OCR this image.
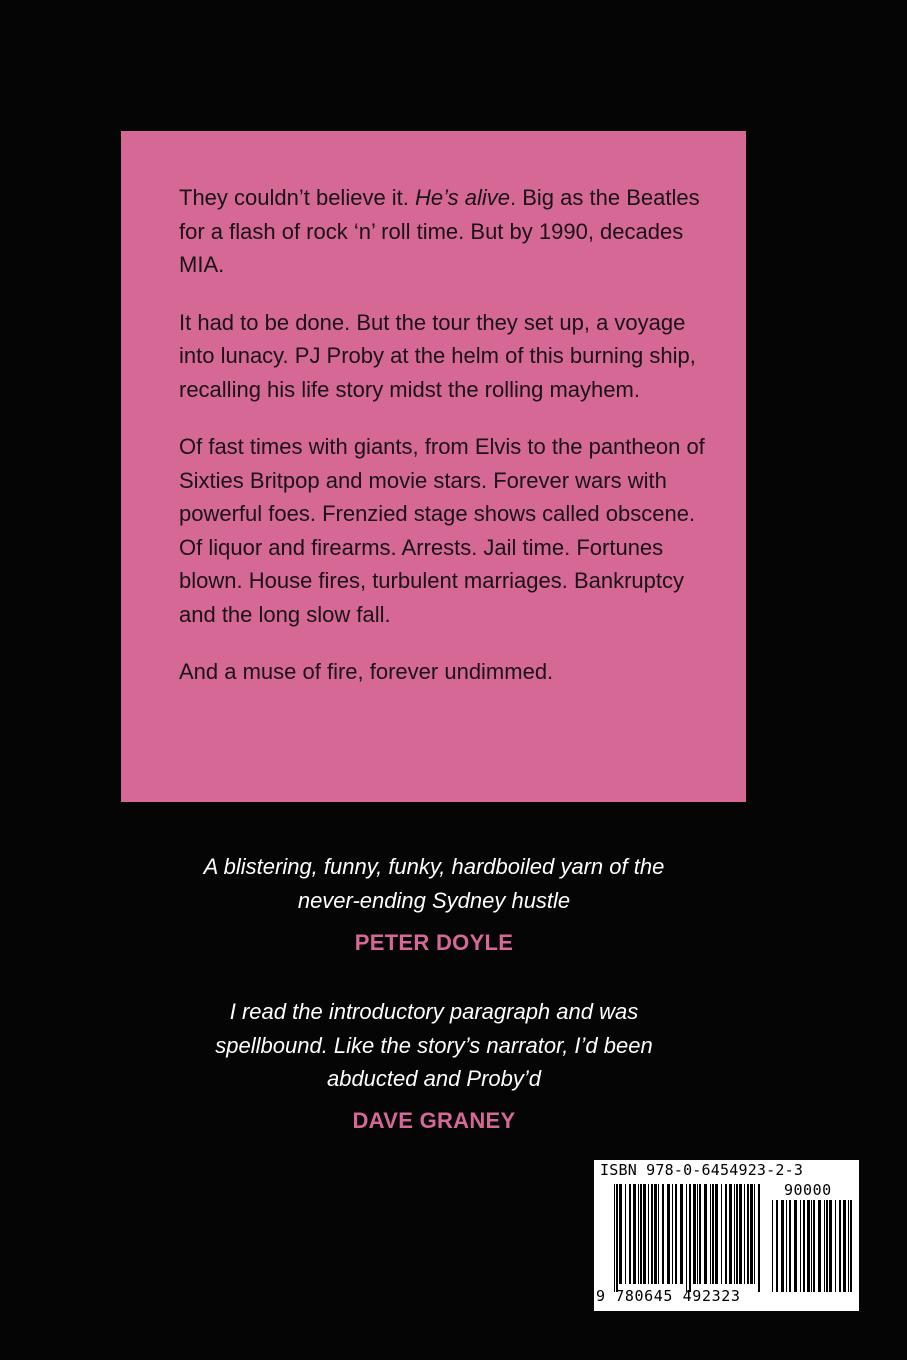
They couldn’t believe it. He’s alive. Big as the Beatles for a flash of rock ‘n’ roll time. But by 1990, decades MIA.

It had to be done. But the tour they set up, a voyage into lunacy. PJ Proby at the helm of this burning ship, recalling his life story midst the rolling mayhem.

Of fast times with giants, from Elvis to the pantheon of Sixties Britpop and movie stars. Forever wars with powerful foes. Frenzied stage shows called obscene. Of liquor and firearms. Arrests. Jail time. Fortunes blown. House fires, turbulent marriages. Bankruptcy and the long slow fall.

And a muse of fire, forever undimmed.

A blistering, funny, funky, hardboiled yarn of the never-ending Sydney hustle

PETER DOYLE

I read the introductory paragraph and was spellbound. Like the story’s narrator, I’d been abducted and Proby’d

DAVE GRANEY

ISBN 978-0-6454923-2-3
90000
9 780645 492323
